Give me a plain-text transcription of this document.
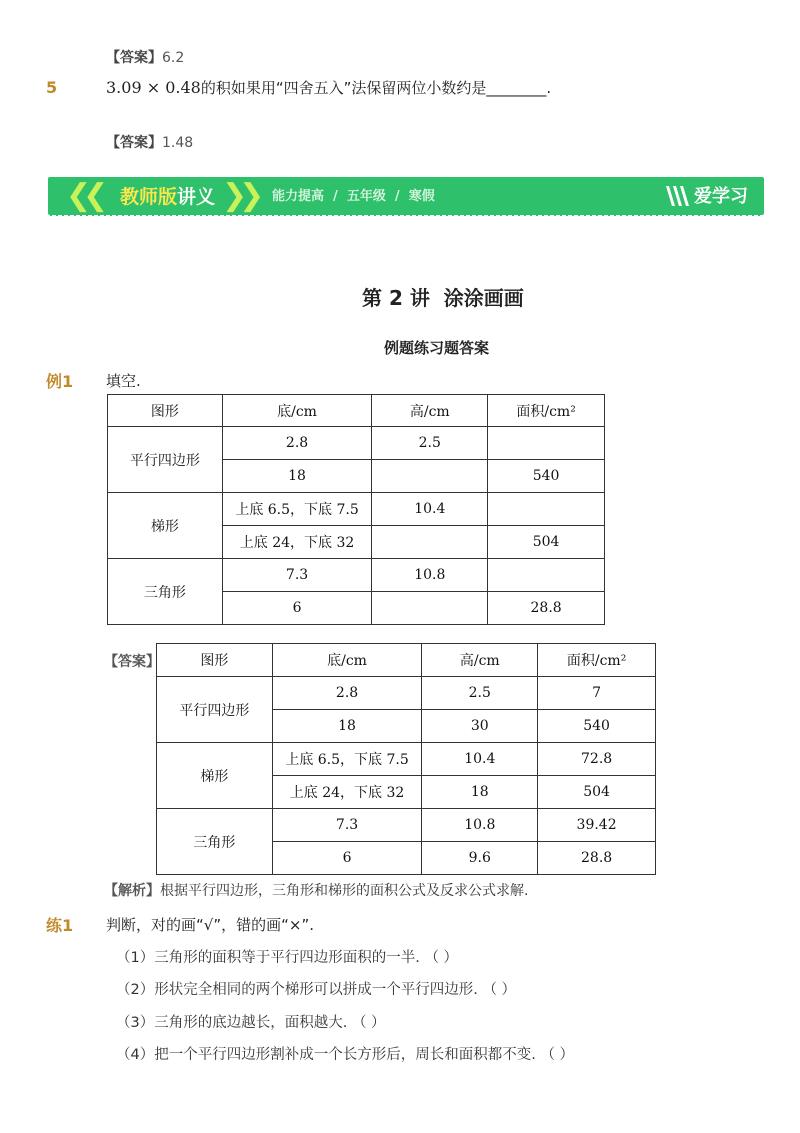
【答案】6.2
5	3.09 × 0.48的积如果用“四舍五入”法保留两位小数约是________.
【答案】1.48
❮❮ 教师版讲义 ❯❯ 能力提高  /  五年级  /  寒假	爱学习
第 2 讲  涂涂画画
例题练习题答案
例1 填空.
图形	底/cm	高/cm	面积/cm²
平行四边形	2.8	2.5	
	18		540
梯形	上底 6.5，下底 7.5	10.4	
	上底 24，下底 32		504
三角形	7.3	10.8	
	6		28.8
【答案】	图形	底/cm	高/cm	面积/cm²
平行四边形	2.8	2.5	7
	18	30	540
梯形	上底 6.5，下底 7.5	10.4	72.8
	上底 24，下底 32	18	504
三角形	7.3	10.8	39.42
	6	9.6	28.8
【解析】根据平行四边形，三角形和梯形的面积公式及反求公式求解.
练1 判断，对的画“√”，错的画“×”.
（1）三角形的面积等于平行四边形面积的一半. （ ）
（2）形状完全相同的两个梯形可以拼成一个平行四边形. （ ）
（3）三角形的底边越长，面积越大. （ ）
（4）把一个平行四边形割补成一个长方形后，周长和面积都不变. （ ）
